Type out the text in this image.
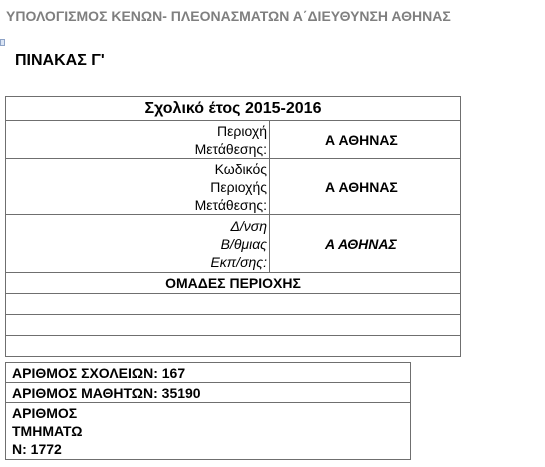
ΥΠΟΛΟΓΙΣΜΟΣ ΚΕΝΩΝ- ΠΛΕΟΝΑΣΜΑΤΩΝ Α΄ΔΙΕΥΘΥΝΣΗ ΑΘΗΝΑΣ
ΠΙΝΑΚΑΣ Γ'
Σχολικό έτος 2015-2016	

Περιοχή
Μετάθεσης:	Α ΑΘΗΝΑΣ

Κωδικός
Περιοχής
Μετάθεσης:	Α ΑΘΗΝΑΣ

Δ/νση
Β/θμιας
Εκπ/σης:	Α ΑΘΗΝΑΣ
ΟΜΑΔΕΣ ΠΕΡΙΟΧΗΣ	

ΑΡΙΘΜΟΣ ΣΧΟΛΕΙΩΝ: 167
ΑΡΙΘΜΟΣ ΜΑΘΗΤΩΝ: 35190

ΑΡΙΘΜΟΣ
ΤΜΗΜΑΤΩ
Ν: 1772
